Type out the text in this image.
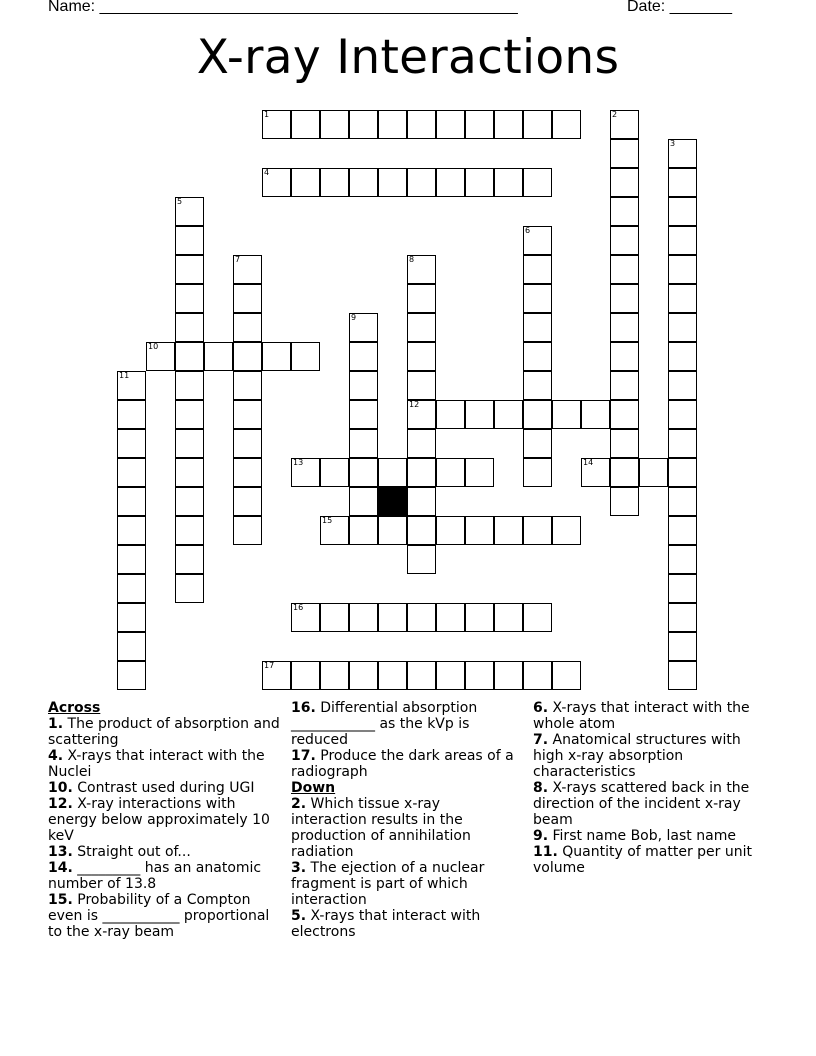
Name: _______________________________________________	Date: _______
X-ray Interactions
1
4
10
12
13	14
15
16
17
2
3
5
6
7	8
9
11
Across
1. The product of absorption and scattering
4. X-rays that interact with the Nuclei
10. Contrast used during UGI
12. X-ray interactions with energy below approximately 10 keV
13. Straight out of...
14. _________ has an anatomic number of 13.8
15. Probability of a Compton even is ___________ proportional to the x-ray beam
16. Differential absorption ____________ as the kVp is reduced
17. Produce the dark areas of a radiograph
Down
2. Which tissue x-ray interaction results in the production of annihilation radiation
3. The ejection of a nuclear fragment is part of which interaction
5. X-rays that interact with electrons
6. X-rays that interact with the whole atom
7. Anatomical structures with high x-ray absorption characteristics
8. X-rays scattered back in the direction of the incident x-ray beam
9. First name Bob, last name
11. Quantity of matter per unit volume
